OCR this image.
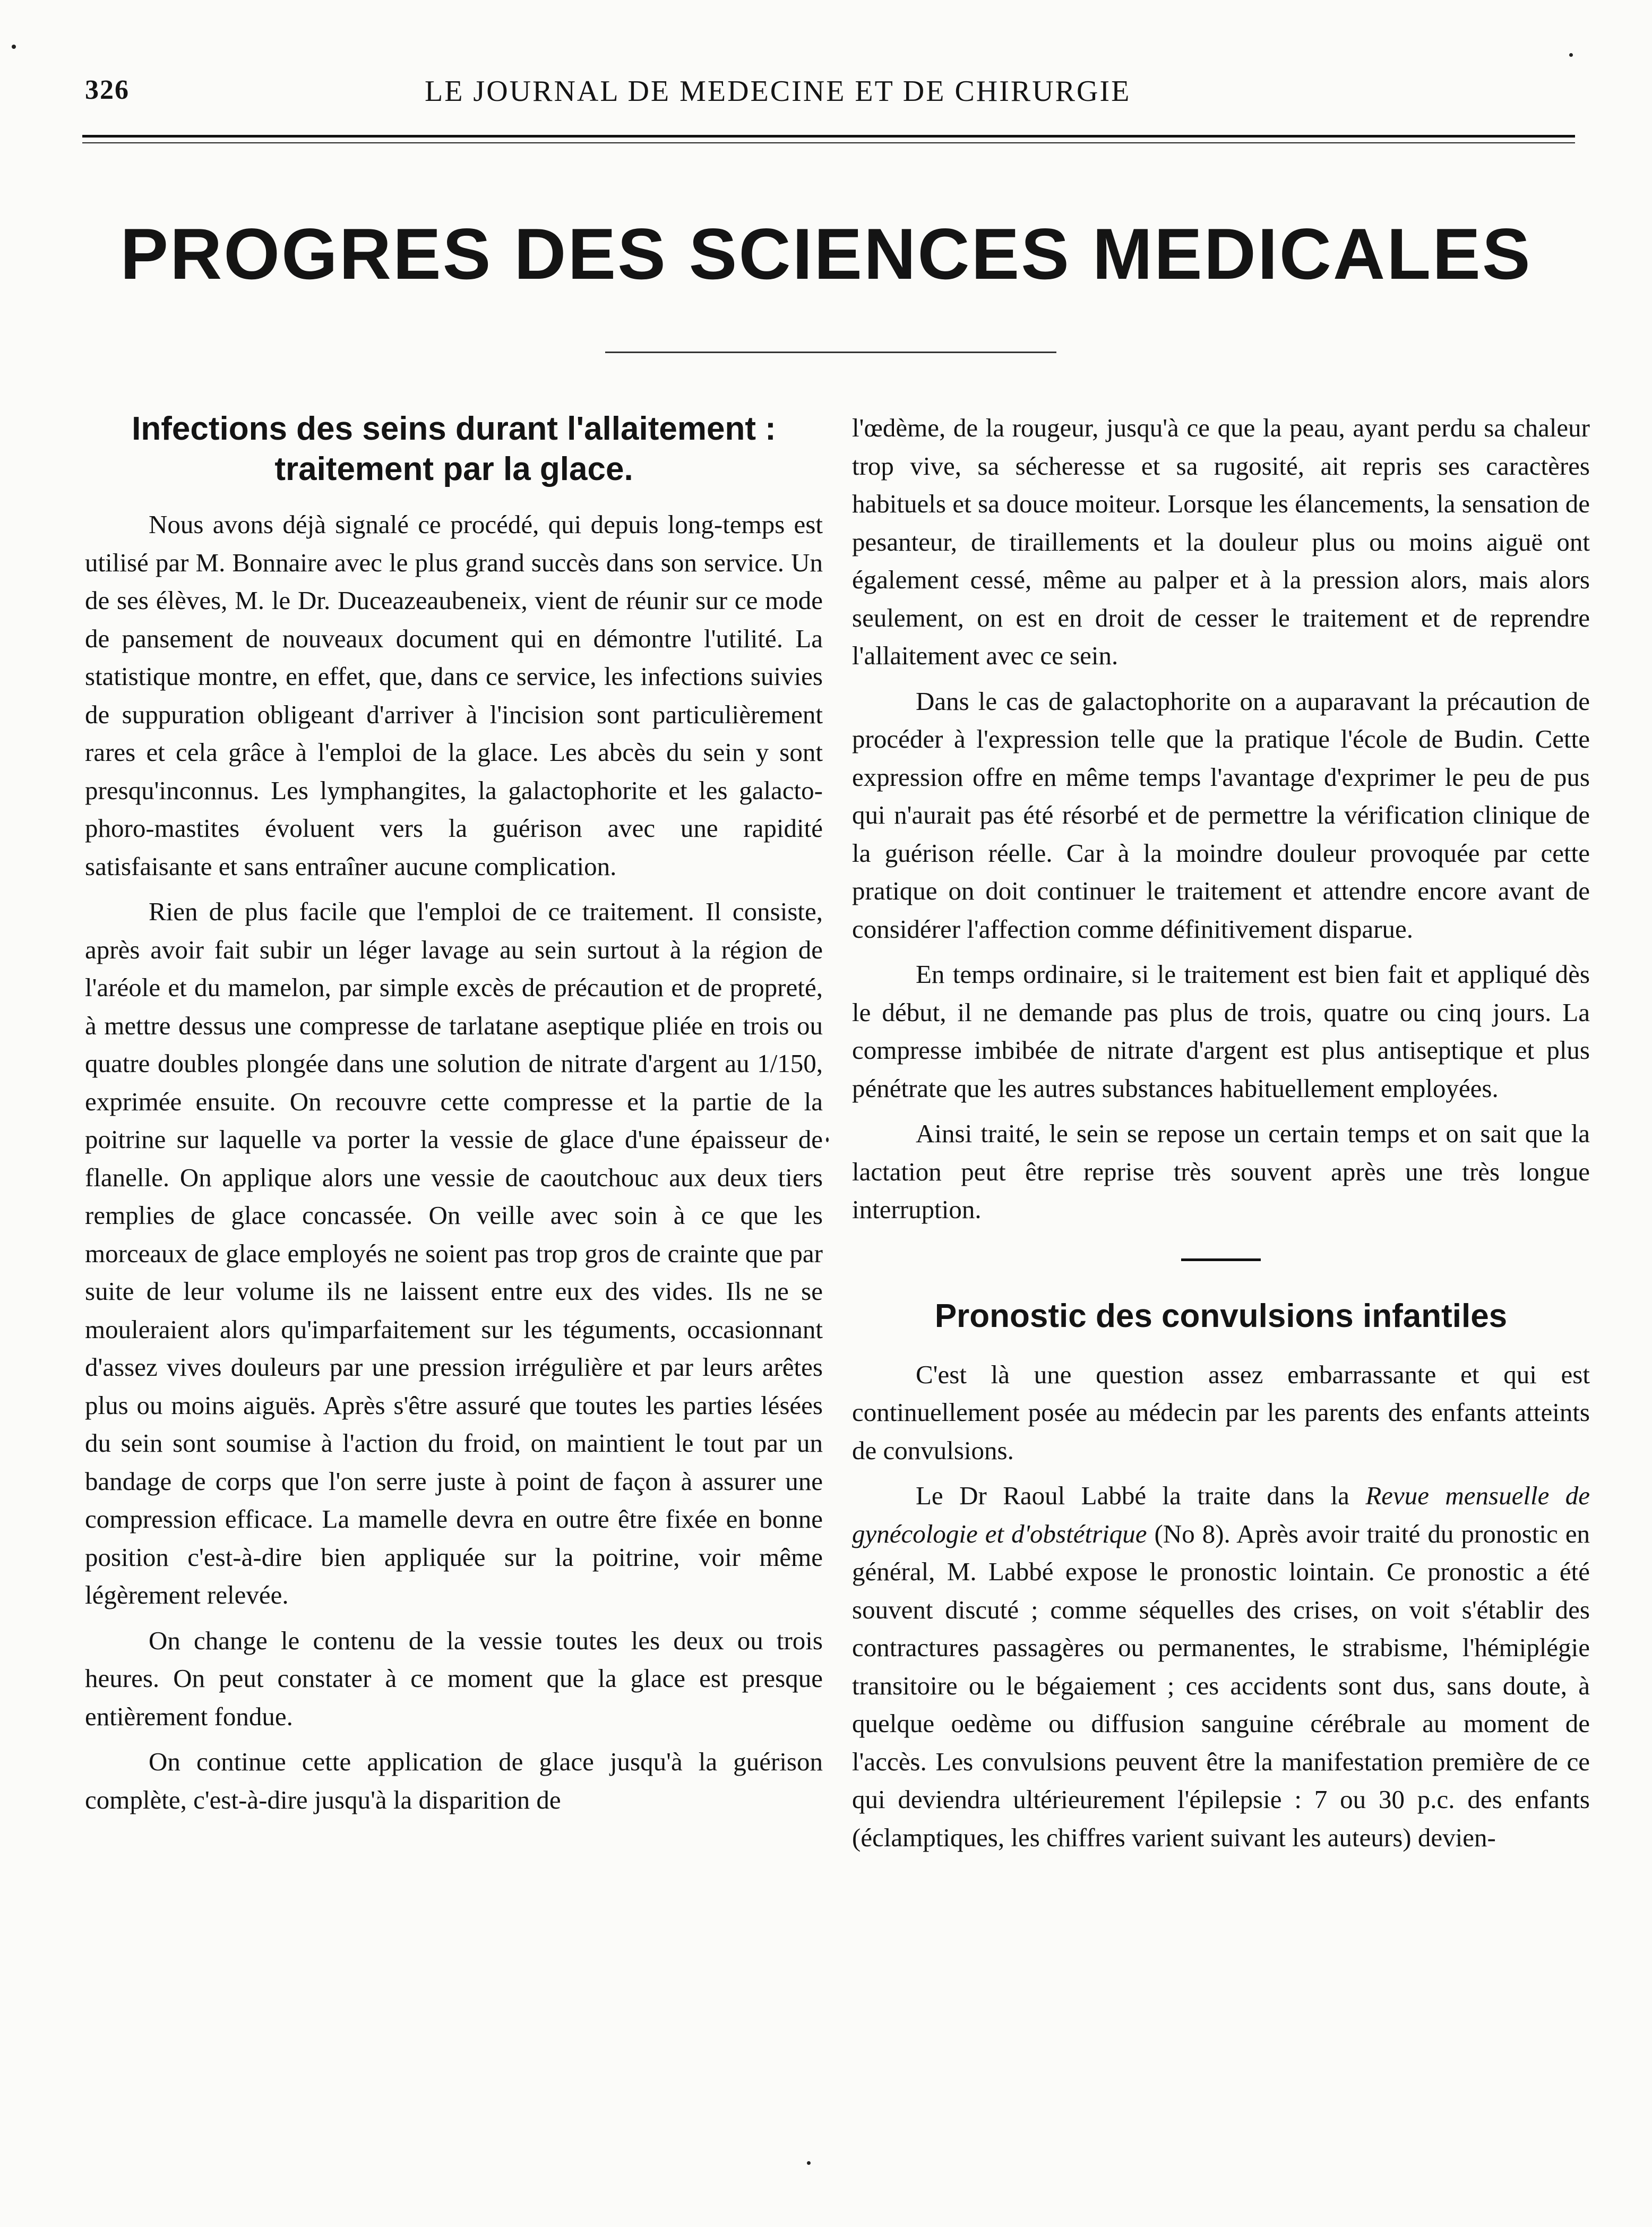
326	LE JOURNAL DE MEDECINE ET DE CHIRURGIE
PROGRES DES SCIENCES MEDICALES
Infections des seins durant l'allaitement :
traitement par la glace.

Nous avons déjà signalé ce procédé, qui depuis long-temps est utilisé par M. Bonnaire avec le plus grand succès dans son service. Un de ses élèves, M. le Dr. Duceazeaubeneix, vient de réunir sur ce mode de pansement de nouveaux document qui en démontre l'utilité. La statistique montre, en effet, que, dans ce service, les infections suivies de suppuration obligeant d'arriver à l'incision sont particulièrement rares et cela grâce à l'emploi de la glace. Les abcès du sein y sont presqu'inconnus. Les lymphangites, la galactophorite et les galacto-phoro-mastites évoluent vers la guérison avec une rapidité satisfaisante et sans entraîner aucune complication.

Rien de plus facile que l'emploi de ce traitement. Il consiste, après avoir fait subir un léger lavage au sein surtout à la région de l'aréole et du mamelon, par simple excès de précaution et de propreté, à mettre dessus une compresse de tarlatane aseptique pliée en trois ou quatre doubles plongée dans une solution de nitrate d'argent au 1/150, exprimée ensuite. On recouvre cette compresse et la partie de la poitrine sur laquelle va porter la vessie de glace d'une épaisseur de flanelle. On applique alors une vessie de caoutchouc aux deux tiers remplies de glace concassée. On veille avec soin à ce que les morceaux de glace employés ne soient pas trop gros de crainte que par suite de leur volume ils ne laissent entre eux des vides. Ils ne se mouleraient alors qu'imparfaitement sur les téguments, occasionnant d'assez vives douleurs par une pression irrégulière et par leurs arêtes plus ou moins aiguës. Après s'être assuré que toutes les parties lésées du sein sont soumise à l'action du froid, on maintient le tout par un bandage de corps que l'on serre juste à point de façon à assurer une compression efficace. La mamelle devra en outre être fixée en bonne position c'est-à-dire bien appliquée sur la poitrine, voir même légèrement relevée.

On change le contenu de la vessie toutes les deux ou trois heures. On peut constater à ce moment que la glace est presque entièrement fondue.

On continue cette application de glace jusqu'à la guérison complète, c'est-à-dire jusqu'à la disparition de

l'œdème, de la rougeur, jusqu'à ce que la peau, ayant perdu sa chaleur trop vive, sa sécheresse et sa rugosité, ait repris ses caractères habituels et sa douce moiteur. Lorsque les élancements, la sensation de pesanteur, de tiraillements et la douleur plus ou moins aiguë ont également cessé, même au palper et à la pression alors, mais alors seulement, on est en droit de cesser le traitement et de reprendre l'allaitement avec ce sein.

Dans le cas de galactophorite on a auparavant la précaution de procéder à l'expression telle que la pratique l'école de Budin. Cette expression offre en même temps l'avantage d'exprimer le peu de pus qui n'aurait pas été résorbé et de permettre la vérification clinique de la guérison réelle. Car à la moindre douleur provoquée par cette pratique on doit continuer le traitement et attendre encore avant de considérer l'affection comme définitivement disparue.

En temps ordinaire, si le traitement est bien fait et appliqué dès le début, il ne demande pas plus de trois, quatre ou cinq jours. La compresse imbibée de nitrate d'argent est plus antiseptique et plus pénétrate que les autres substances habituellement employées.

Ainsi traité, le sein se repose un certain temps et on sait que la lactation peut être reprise très souvent après une très longue interruption.

Pronostic des convulsions infantiles

C'est là une question assez embarrassante et qui est continuellement posée au médecin par les parents des enfants atteints de convulsions.

Le Dr Raoul Labbé la traite dans la Revue mensuelle de gynécologie et d'obstétrique (No 8). Après avoir traité du pronostic en général, M. Labbé expose le pronostic lointain. Ce pronostic a été souvent discuté ; comme séquelles des crises, on voit s'établir des contractures passagères ou permanentes, le strabisme, l'hémiplégie transitoire ou le bégaiement ; ces accidents sont dus, sans doute, à quelque oedème ou diffusion sanguine cérébrale au moment de l'accès. Les convulsions peuvent être la manifestation première de ce qui deviendra ultérieurement l'épilepsie : 7 ou 30 p.c. des enfants (éclamptiques, les chiffres varient suivant les auteurs) devien-
